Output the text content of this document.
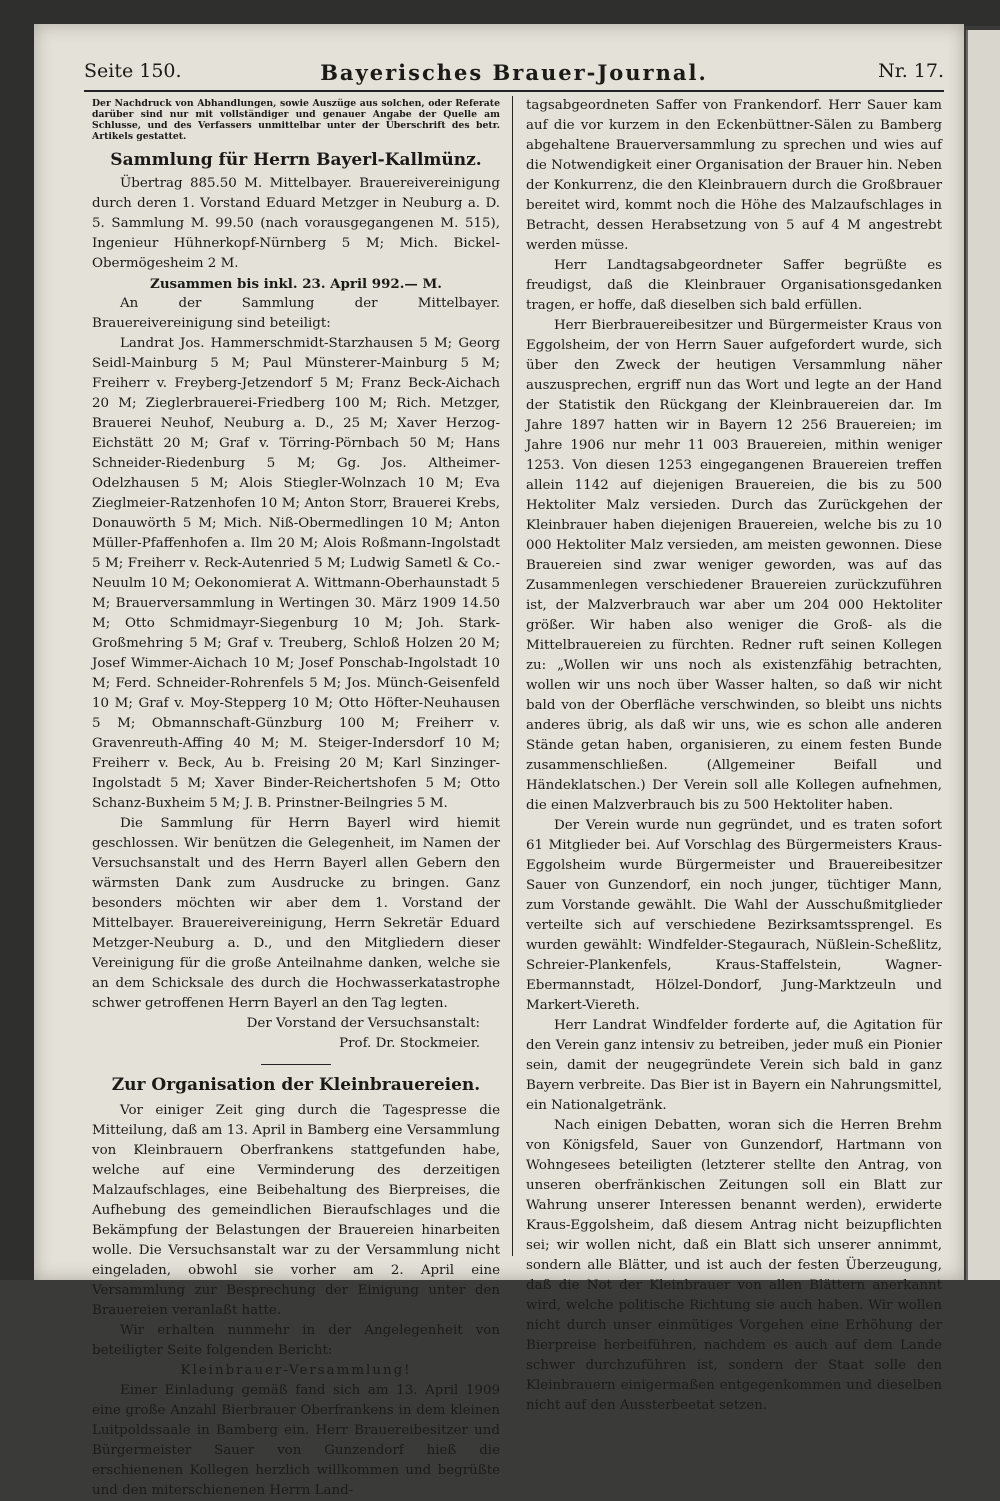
Bayerisches Brauer-Journal.
Seite 150.	Nr. 17.

Der Nachdruck von Abhandlungen, sowie Auszüge aus solchen, oder Referate darüber sind nur mit vollständiger und genauer Angabe der Quelle am Schlusse, und des Verfassers unmittelbar unter der Überschrift des betr. Artikels gestattet.

Sammlung für Herrn Bayerl-Kallmünz.

Übertrag 885.50 M. Mittelbayer. Brauereivereinigung durch deren 1. Vorstand Eduard Metzger in Neuburg a. D. 5. Sammlung M. 99.50 (nach vorausgegangenen M. 515), Ingenieur Hühnerkopf-Nürnberg 5 M; Mich. Bickel-Obermögesheim 2 M.

Zusammen bis inkl. 23. April 992.— M.

An der Sammlung der Mittelbayer. Brauereivereinigung sind beteiligt:

Landrat Jos. Hammerschmidt-Starzhausen 5 M; Georg Seidl-Mainburg 5 M; Paul Münsterer-Mainburg 5 M; Freiherr v. Freyberg-Jetzendorf 5 M; Franz Beck-Aichach 20 M; Zieglerbrauerei-Friedberg 100 M; Rich. Metzger, Brauerei Neuhof, Neuburg a. D., 25 M; Xaver Herzog-Eichstätt 20 M; Graf v. Törring-Pörnbach 50 M; Hans Schneider-Riedenburg 5 M; Gg. Jos. Altheimer-Odelzhausen 5 M; Alois Stiegler-Wolnzach 10 M; Eva Zieglmeier-Ratzenhofen 10 M; Anton Storr, Brauerei Krebs, Donauwörth 5 M; Mich. Niß-Obermedlingen 10 M; Anton Müller-Pfaffenhofen a. Ilm 20 M; Alois Roßmann-Ingolstadt 5 M; Freiherr v. Reck-Autenried 5 M; Ludwig Sametl & Co.-Neuulm 10 M; Oekonomierat A. Wittmann-Oberhaunstadt 5 M; Brauerversammlung in Wertingen 30. März 1909 14.50 M; Otto Schmidmayr-Siegenburg 10 M; Joh. Stark-Großmehring 5 M; Graf v. Treuberg, Schloß Holzen 20 M; Josef Wimmer-Aichach 10 M; Josef Ponschab-Ingolstadt 10 M; Ferd. Schneider-Rohrenfels 5 M; Jos. Münch-Geisenfeld 10 M; Graf v. Moy-Stepperg 10 M; Otto Höfter-Neuhausen 5 M; Obmannschaft-Günzburg 100 M; Freiherr v. Gravenreuth-Affing 40 M; M. Steiger-Indersdorf 10 M; Freiherr v. Beck, Au b. Freising 20 M; Karl Sinzinger-Ingolstadt 5 M; Xaver Binder-Reichertshofen 5 M; Otto Schanz-Buxheim 5 M; J. B. Prinstner-Beilngries 5 M.

Die Sammlung für Herrn Bayerl wird hiemit geschlossen. Wir benützen die Gelegenheit, im Namen der Versuchsanstalt und des Herrn Bayerl allen Gebern den wärmsten Dank zum Ausdrucke zu bringen. Ganz besonders möchten wir aber dem 1. Vorstand der Mittelbayer. Brauereivereinigung, Herrn Sekretär Eduard Metzger-Neuburg a. D., und den Mitgliedern dieser Vereinigung für die große Anteilnahme danken, welche sie an dem Schicksale des durch die Hochwasserkatastrophe schwer getroffenen Herrn Bayerl an den Tag legten.

Der Vorstand der Versuchsanstalt:

Prof. Dr. Stockmeier.

Zur Organisation der Kleinbrauereien.

Vor einiger Zeit ging durch die Tagespresse die Mitteilung, daß am 13. April in Bamberg eine Versammlung von Kleinbrauern Oberfrankens stattgefunden habe, welche auf eine Verminderung des derzeitigen Malzaufschlages, eine Beibehaltung des Bierpreises, die Aufhebung des gemeindlichen Bieraufschlages und die Bekämpfung der Belastungen der Brauereien hinarbeiten wolle. Die Versuchsanstalt war zu der Versammlung nicht eingeladen, obwohl sie vorher am 2. April eine Versammlung zur Besprechung der Einigung unter den Brauereien veranlaßt hatte.

Wir erhalten nunmehr in der Angelegenheit von beteiligter Seite folgenden Bericht:

Kleinbrauer-Versammlung!

Einer Einladung gemäß fand sich am 13. April 1909 eine große Anzahl Bierbrauer Oberfrankens in dem kleinen Luitpoldssaale in Bamberg ein. Herr Brauereibesitzer und Bürgermeister Sauer von Gunzendorf hieß die erschienenen Kollegen herzlich willkommen und begrüßte und den miterschienenen Herrn Land-

tagsabgeordneten Saffer von Frankendorf. Herr Sauer kam auf die vor kurzem in den Eckenbüttner-Sälen zu Bamberg abgehaltene Brauerversammlung zu sprechen und wies auf die Notwendigkeit einer Organisation der Brauer hin. Neben der Konkurrenz, die den Kleinbrauern durch die Großbrauer bereitet wird, kommt noch die Höhe des Malzaufschlages in Betracht, dessen Herabsetzung von 5 auf 4 M angestrebt werden müsse.

Herr Landtagsabgeordneter Saffer begrüßte es freudigst, daß die Kleinbrauer Organisationsgedanken tragen, er hoffe, daß dieselben sich bald erfüllen.

Herr Bierbrauereibesitzer und Bürgermeister Kraus von Eggolsheim, der von Herrn Sauer aufgefordert wurde, sich über den Zweck der heutigen Versammlung näher auszusprechen, ergriff nun das Wort und legte an der Hand der Statistik den Rückgang der Kleinbrauereien dar. Im Jahre 1897 hatten wir in Bayern 12 256 Brauereien; im Jahre 1906 nur mehr 11 003 Brauereien, mithin weniger 1253. Von diesen 1253 eingegangenen Brauereien treffen allein 1142 auf diejenigen Brauereien, die bis zu 500 Hektoliter Malz versieden. Durch das Zurückgehen der Kleinbrauer haben diejenigen Brauereien, welche bis zu 10 000 Hektoliter Malz versieden, am meisten gewonnen. Diese Brauereien sind zwar weniger geworden, was auf das Zusammenlegen verschiedener Brauereien zurückzuführen ist, der Malzverbrauch war aber um 204 000 Hektoliter größer. Wir haben also weniger die Groß- als die Mittelbrauereien zu fürchten. Redner ruft seinen Kollegen zu: „Wollen wir uns noch als existenzfähig betrachten, wollen wir uns noch über Wasser halten, so daß wir nicht bald von der Oberfläche verschwinden, so bleibt uns nichts anderes übrig, als daß wir uns, wie es schon alle anderen Stände getan haben, organisieren, zu einem festen Bunde zusammenschließen. (Allgemeiner Beifall und Händeklatschen.) Der Verein soll alle Kollegen aufnehmen, die einen Malzverbrauch bis zu 500 Hektoliter haben.

Der Verein wurde nun gegründet, und es traten sofort 61 Mitglieder bei. Auf Vorschlag des Bürgermeisters Kraus-Eggolsheim wurde Bürgermeister und Brauereibesitzer Sauer von Gunzendorf, ein noch junger, tüchtiger Mann, zum Vorstande gewählt. Die Wahl der Ausschußmitglieder verteilte sich auf verschiedene Bezirksamtssprengel. Es wurden gewählt: Windfelder-Stegaurach, Nüßlein-Scheßlitz, Schreier-Plankenfels, Kraus-Staffelstein, Wagner-Ebermannstadt, Hölzel-Dondorf, Jung-Marktzeuln und Markert-Viereth.

Herr Landrat Windfelder forderte auf, die Agitation für den Verein ganz intensiv zu betreiben, jeder muß ein Pionier sein, damit der neugegründete Verein sich bald in ganz Bayern verbreite. Das Bier ist in Bayern ein Nahrungsmittel, ein Nationalgetränk.

Nach einigen Debatten, woran sich die Herren Brehm von Königsfeld, Sauer von Gunzendorf, Hartmann von Wohngesees beteiligten (letzterer stellte den Antrag, von unseren oberfränkischen Zeitungen soll ein Blatt zur Wahrung unserer Interessen benannt werden), erwiderte Kraus-Eggolsheim, daß diesem Antrag nicht beizupflichten sei; wir wollen nicht, daß ein Blatt sich unserer annimmt, sondern alle Blätter, und ist auch der festen Überzeugung, daß die Not der Kleinbrauer von allen Blättern anerkannt wird, welche politische Richtung sie auch haben. Wir wollen nicht durch unser einmütiges Vorgehen eine Erhöhung der Bierpreise herbeiführen, nachdem es auch auf dem Lande schwer durchzuführen ist, sondern der Staat solle den Kleinbrauern einigermaßen entgegenkommen und dieselben nicht auf den Aussterbeetat setzen.
